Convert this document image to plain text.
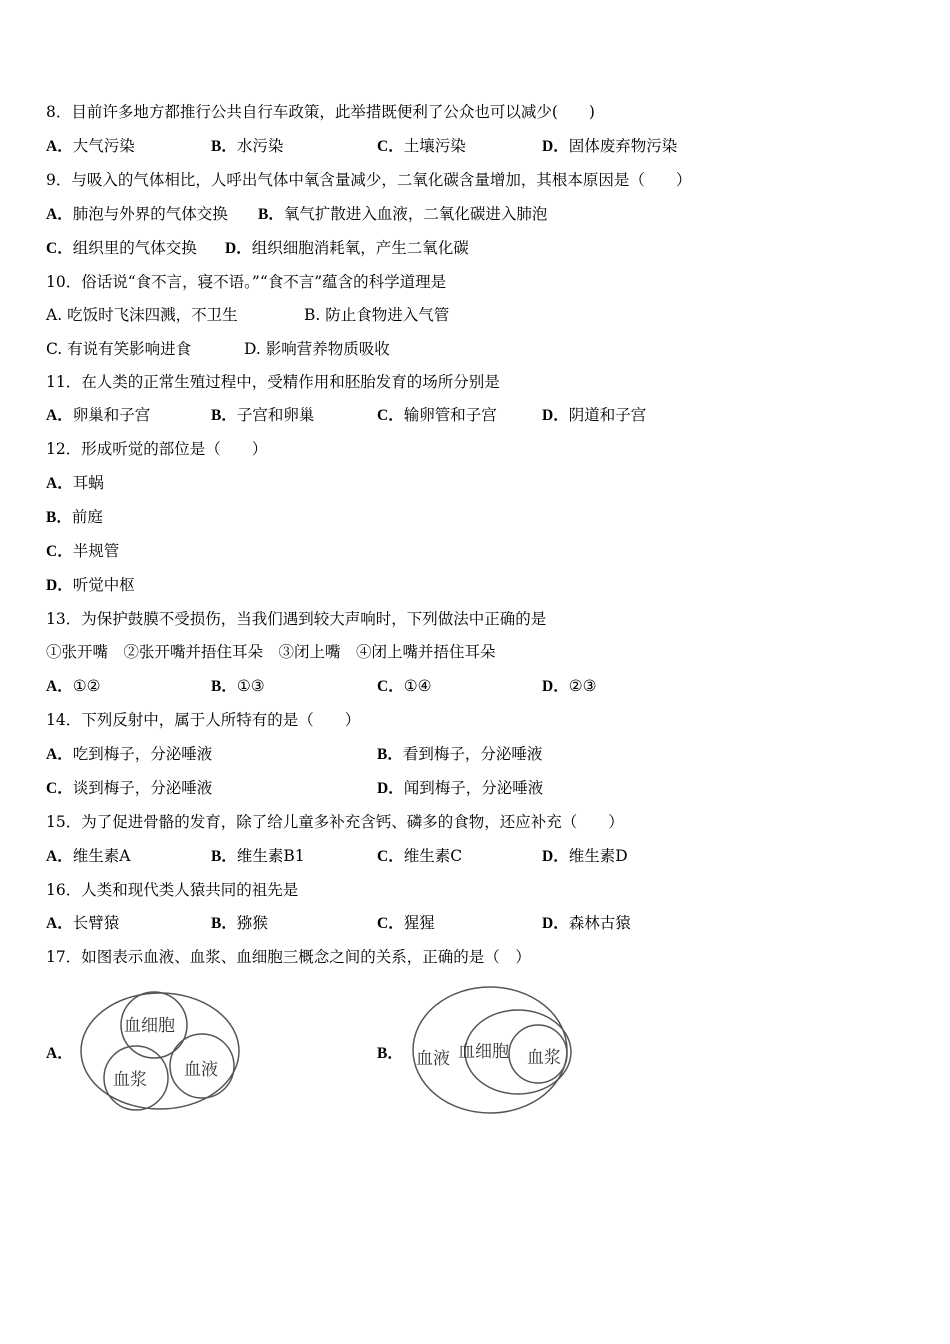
8．目前许多地方都推行公共自行车政策，此举措既便利了公众也可以减少(　　)
A．大气污染	B．水污染	C．土壤污染	D．固体废弃物污染
9．与吸入的气体相比，人呼出气体中氧含量减少，二氧化碳含量增加，其根本原因是（　　）
A．肺泡与外界的气体交换 B．氧气扩散进入血液，二氧化碳进入肺泡
C．组织里的气体交换 D．组织细胞消耗氧，产生二氧化碳
10．俗话说“食不言，寝不语。”“食不言”蕴含的科学道理是
A. 吃饭时飞沫四溅，不卫生	B. 防止食物进入气管
C. 有说有笑影响进食	D. 影响营养物质吸收
11．在人类的正常生殖过程中，受精作用和胚胎发育的场所分别是
A．卵巢和子宫	B．子宫和卵巢	C．输卵管和子宫	D．阴道和子宫
12．形成听觉的部位是（　　）
A．耳蜗
B．前庭
C．半规管
D．听觉中枢
13．为保护鼓膜不受损伤，当我们遇到较大声响时，下列做法中正确的是
①张开嘴　②张开嘴并捂住耳朵　③闭上嘴　④闭上嘴并捂住耳朵
A．①②	B．①③	C．①④	D．②③
14．下列反射中，属于人所特有的是（　　）
A．吃到梅子，分泌唾液	B．看到梅子，分泌唾液
C．谈到梅子，分泌唾液	D．闻到梅子，分泌唾液
15．为了促进骨骼的发育，除了给儿童多补充含钙、磷多的食物，还应补充（　　）
A．维生素A	B．维生素B1	C．维生素C	D．维生素D
16．人类和现代类人猿共同的祖先是
A．长臂猿	B．猕猴	C．猩猩	D．森林古猿
17．如图表示血液、血浆、血细胞三概念之间的关系，正确的是（　）
A．	B．
血细胞
血液
血浆
血液 血细胞 血浆
